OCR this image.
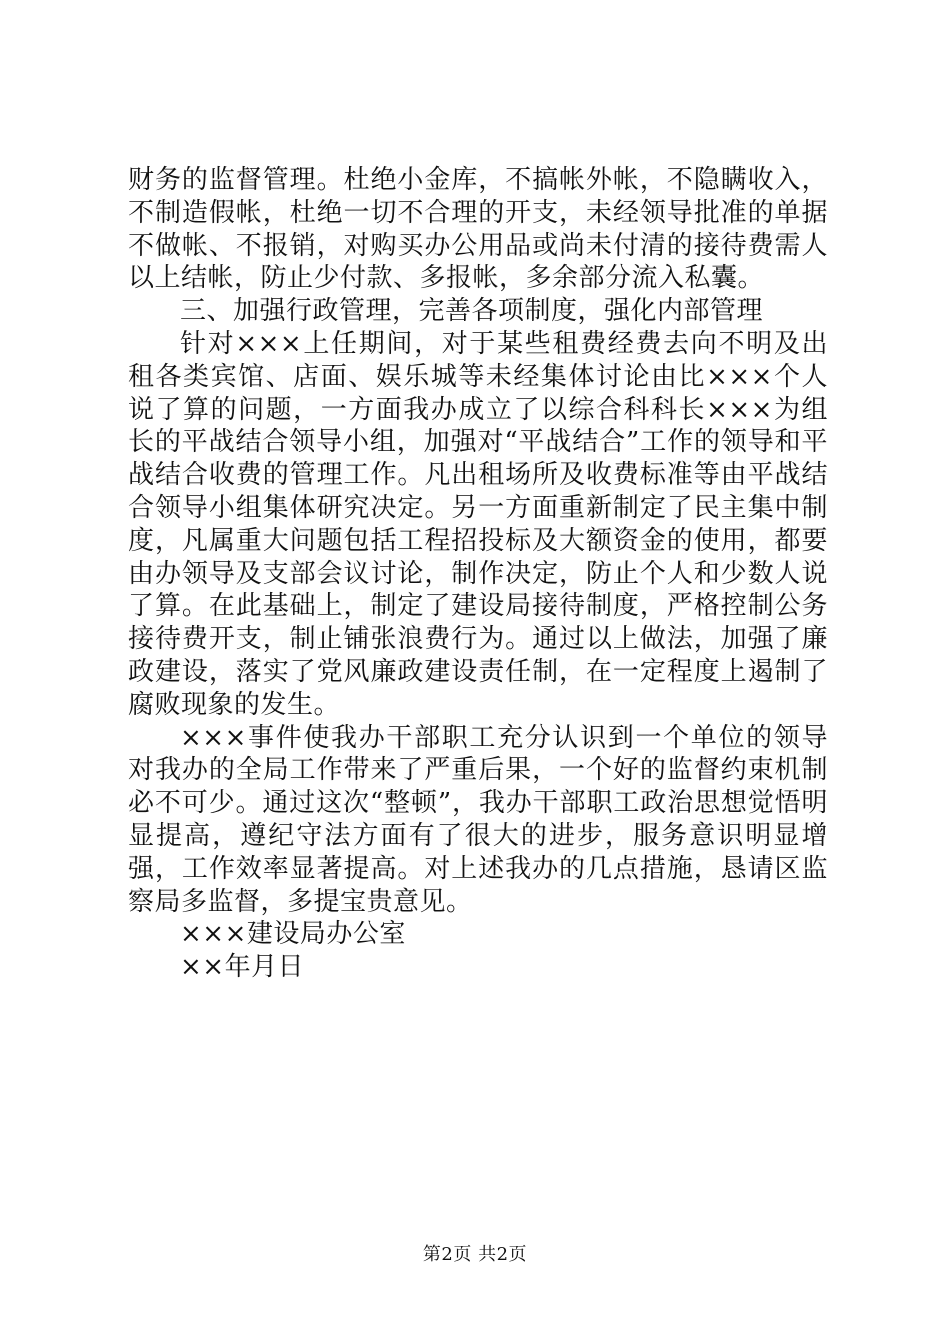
财务的监督管理。杜绝小金库，不搞帐外帐，不隐瞒收入，不制造假帐，杜绝一切不合理的开支，未经领导批准的单据不做帐、不报销，对购买办公用品或尚未付清的接待费需人以上结帐，防止少付款、多报帐，多余部分流入私囊。

三、加强行政管理，完善各项制度，强化内部管理

针对×××上任期间，对于某些租费经费去向不明及出租各类宾馆、店面、娱乐城等未经集体讨论由比×××个人说了算的问题，一方面我办成立了以综合科科长×××为组长的平战结合领导小组，加强对“平战结合”工作的领导和平战结合收费的管理工作。凡出租场所及收费标准等由平战结合领导小组集体研究决定。另一方面重新制定了民主集中制度，凡属重大问题包括工程招投标及大额资金的使用，都要由办领导及支部会议讨论，制作决定，防止个人和少数人说了算。在此基础上，制定了建设局接待制度，严格控制公务接待费开支，制止铺张浪费行为。通过以上做法，加强了廉政建设，落实了党风廉政建设责任制，在一定程度上遏制了腐败现象的发生。

×××事件使我办干部职工充分认识到一个单位的领导对我办的全局工作带来了严重后果，一个好的监督约束机制必不可少。通过这次“整顿”，我办干部职工政治思想觉悟明显提高，遵纪守法方面有了很大的进步，服务意识明显增强，工作效率显著提高。对上述我办的几点措施，恳请区监察局多监督，多提宝贵意见。

×××建设局办公室

××年月日

第2页 共2页
